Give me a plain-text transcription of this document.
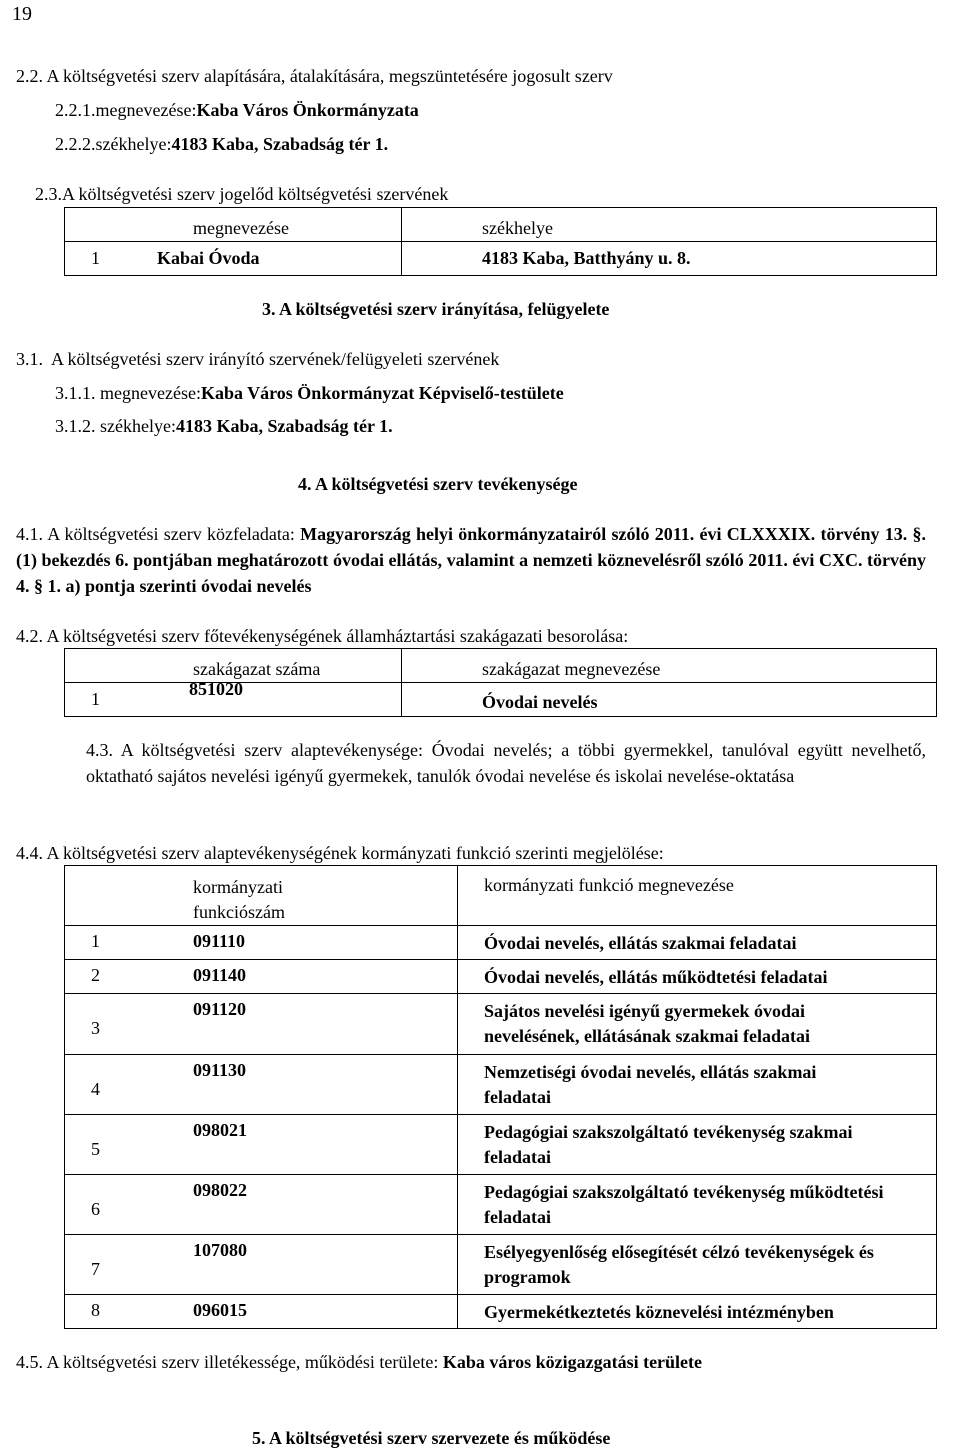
19
2.2. A költségvetési szerv alapítására, átalakítására, megszüntetésére jogosult szerv
2.2.1.megnevezése:Kaba Város Önkormányzata
2.2.2.székhelye:4183 Kaba, Szabadság tér 1.
2.3.A költségvetési szerv jogelőd költségvetési szervének
megnevezése	székhelye

1 Kabai Óvoda	4183 Kaba, Batthyány u. 8.
3. A költségvetési szerv irányítása, felügyelete
3.1.  A költségvetési szerv irányító szervének/felügyeleti szervének
3.1.1. megnevezése:Kaba Város Önkormányzat Képviselő-testülete
3.1.2. székhelye:4183 Kaba, Szabadság tér 1.
4. A költségvetési szerv tevékenysége
4.1. A költségvetési szerv közfeladata: Magyarország helyi önkormányzatairól szóló 2011. évi CLXXXIX. törvény 13. §. (1) bekezdés 6. pontjában meghatározott óvodai ellátás, valamint a nemzeti köznevelésről szóló 2011. évi CXC. törvény 4. § 1. a) pontja szerinti óvodai nevelés
4.2. A költségvetési szerv főtevékenységének államháztartási szakágazati besorolása:
szakágazat száma	szakágazat megnevezése

1 851020	Óvodai nevelés
4.3. A költségvetési szerv alaptevékenysége: Óvodai nevelés; a többi gyermekkel, tanulóval együtt nevelhető, oktatható sajátos nevelési igényű gyermekek, tanulók óvodai nevelése és iskolai nevelése-oktatása
4.4. A költségvetési szerv alaptevékenységének kormányzati funkció szerinti megjelölése:
kormányzati funkciószám	kormányzati funkció megnevezése

1 091110	Óvodai nevelés, ellátás szakmai feladatai

2 091140	Óvodai nevelés, ellátás működtetési feladatai

3
091120	Sajátos nevelési igényű gyermekek óvodai nevelésének, ellátásának szakmai feladatai

4
091130	Nemzetiségi óvodai nevelés, ellátás szakmai feladatai

5
098021	Pedagógiai szakszolgáltató tevékenység szakmai feladatai

6
098022	Pedagógiai szakszolgáltató tevékenység működtetési feladatai

7
107080	Esélyegyenlőség elősegítését célzó tevékenységek és programok

8 096015	Gyermekétkeztetés köznevelési intézményben
4.5. A költségvetési szerv illetékessége, működési területe: Kaba város közigazgatási területe
5. A költségvetési szerv szervezete és működése
